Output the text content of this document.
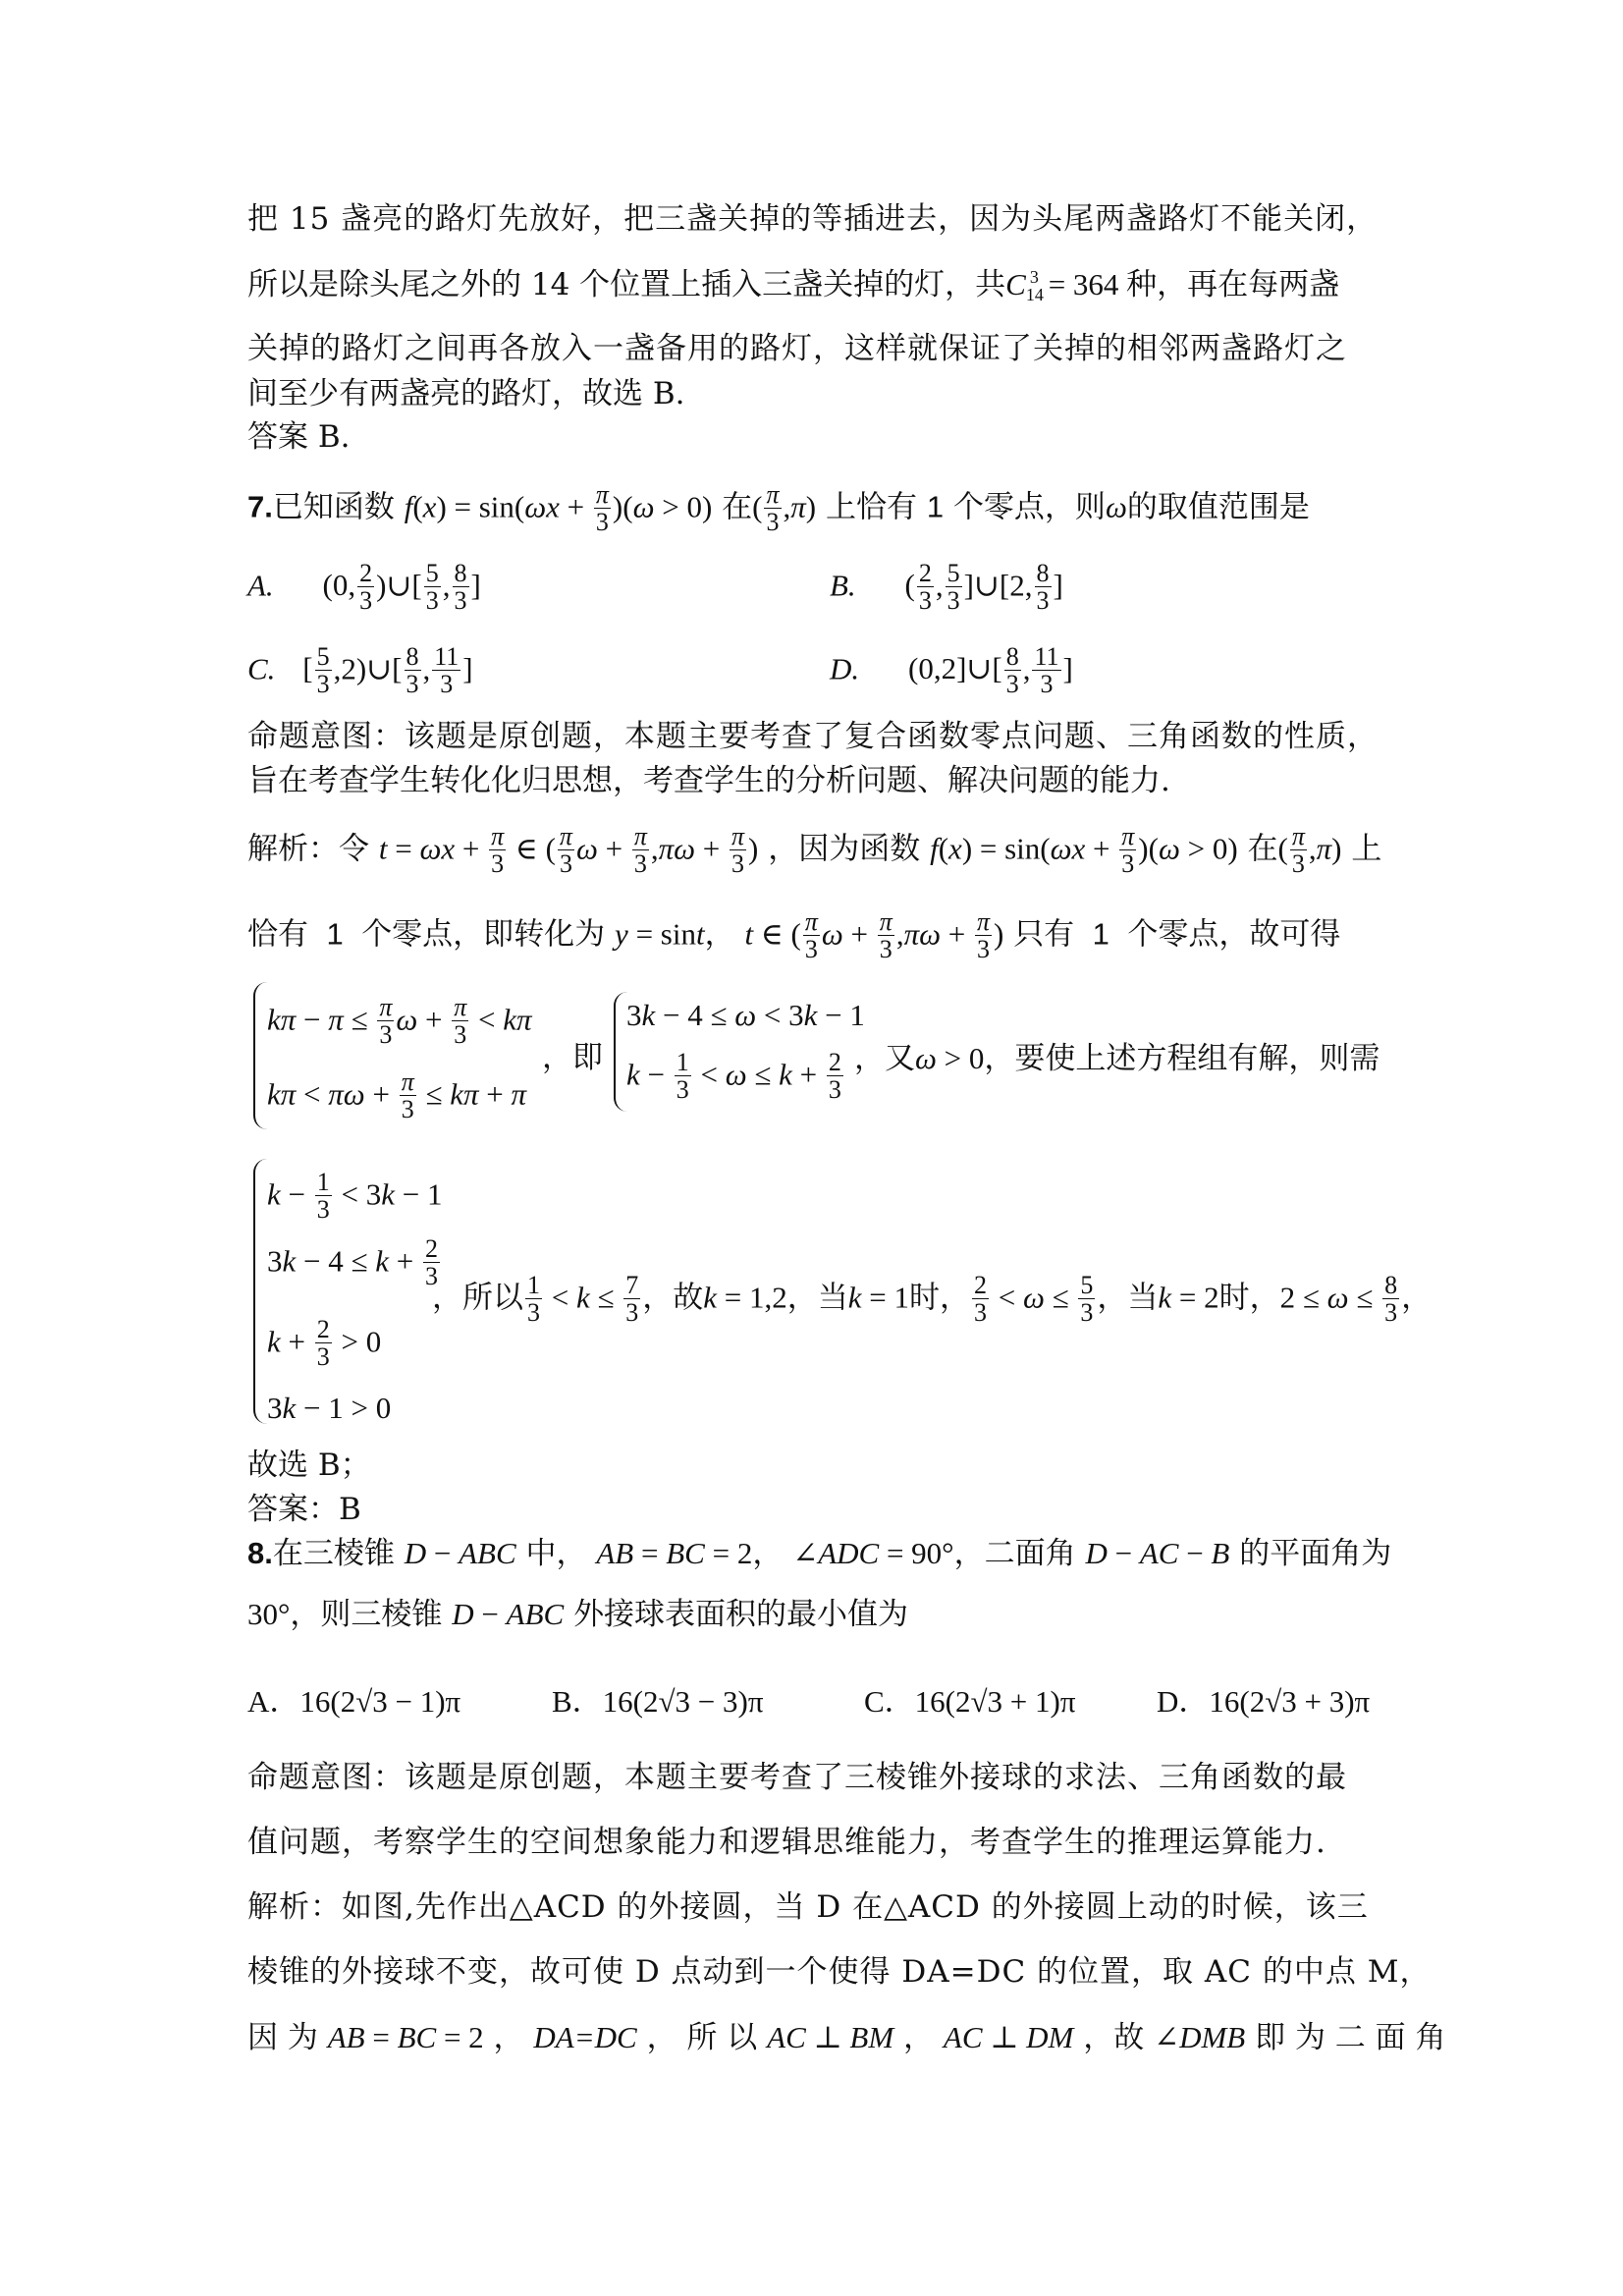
把 15 盏亮的路灯先放好，把三盏关掉的等插进去，因为头尾两盏路灯不能关闭，
所以是除头尾之外的 14 个位置上插入三盏关掉的灯，共$C_{14}^3 = 364$ 种，再在每两盏
关掉的路灯之间再各放入一盏备用的路灯，这样就保证了关掉的相邻两盏路灯之
间至少有两盏亮的路灯，故选 B.
答案 B.
7.已知函数 $f(x) = \sin(\omega x + \frac{\pi}{3} )(\omega > 0)$ 在( $\frac{\pi}{3} ,\pi$) 上恰有 1 个零点，则ω的取值范围是
A. (0, $\frac{2}{3}$ )∪[ $\frac{5}{3}$ , $\frac{8}{3}$ ]	B. ( $\frac{2}{3}$ , $\frac{5}{3}$ ]∪[2, $\frac{8}{3}$ ]
C. [ $\frac{5}{3}$ ,2)∪[ $\frac{8}{3}$ , $\frac{11}{3}$ ]	D. (0,2]∪[ $\frac{8}{3}$ , $\frac{11}{3}$ ]
命题意图：该题是原创题，本题主要考查了复合函数零点问题、三角函数的性质，
旨在考查学生转化化归思想，考查学生的分析问题、解决问题的能力.
解析：令 $t = \omega x + \frac{\pi}{3}$ ∈ ( $\frac{\pi}{3}$ $\omega + \frac{\pi}{3} ,\pi\omega + \frac{\pi}{3}$ ) ，因为函数 $f(x) = \sin(\omega x + \frac{\pi}{3} )(\omega > 0)$ 在( $\frac{\pi}{3} ,\pi$) 上
恰有  1  个零点，即转化为 y = sint， t ∈ ( $\frac{\pi}{3}$ $\omega + \frac{\pi}{3} ,\pi\omega + \frac{\pi}{3}$ ) 只有  1  个零点，故可得
$k\pi - \pi \le \frac{\pi}{3}$ $\omega + \frac{\pi}{3} < k\pi$
$k\pi < \pi\omega + \frac{\pi}{3} \le k\pi + \pi$
，即
3k − 4 ≤ ω < 3k − 1
$k - \frac{1}{3} < \omega \le k + \frac{2}{3}$ ，又ω > 0，要使上述方程组有解，则需
$k - \frac{1}{3} < 3k - 1$
$3k - 4 \le k + \frac{2}{3}$
$k + \frac{2}{3} > 0$
3k − 1 > 0
，所以 $\frac{1}{3} < k \le \frac{7}{3}$ ，故k = 1,2，当k = 1时， $\frac{2}{3} < \omega \le \frac{5}{3}$ ，当k = 2时，$2 \le \omega \le \frac{8}{3}$ ，
故选 B；
答案：B
8.在三棱锥 D − ABC 中， AB = BC = 2， ∠ADC = 90°，二面角 D − AC − B 的平面角为
30°，则三棱锥 D − ABC 外接球表面积的最小值为
A．16(2√3 − 1)π	B．16(2√3 − 3)π	C．16(2√3 + 1)π	D．16(2√3 + 3)π
命题意图：该题是原创题，本题主要考查了三棱锥外接球的求法、三角函数的最
值问题，考察学生的空间想象能力和逻辑思维能力，考查学生的推理运算能力.
解析：如图,先作出△ACD 的外接圆，当 D 在△ACD 的外接圆上动的时候，该三
棱锥的外接球不变，故可使 D 点动到一个使得 DA=DC 的位置，取 AC 的中点 M，
因 为 AB = BC = 2 ， DA=DC ， 所 以 AC ⊥ BM ， AC ⊥ DM ，故 ∠DMB 即 为 二 面 角
